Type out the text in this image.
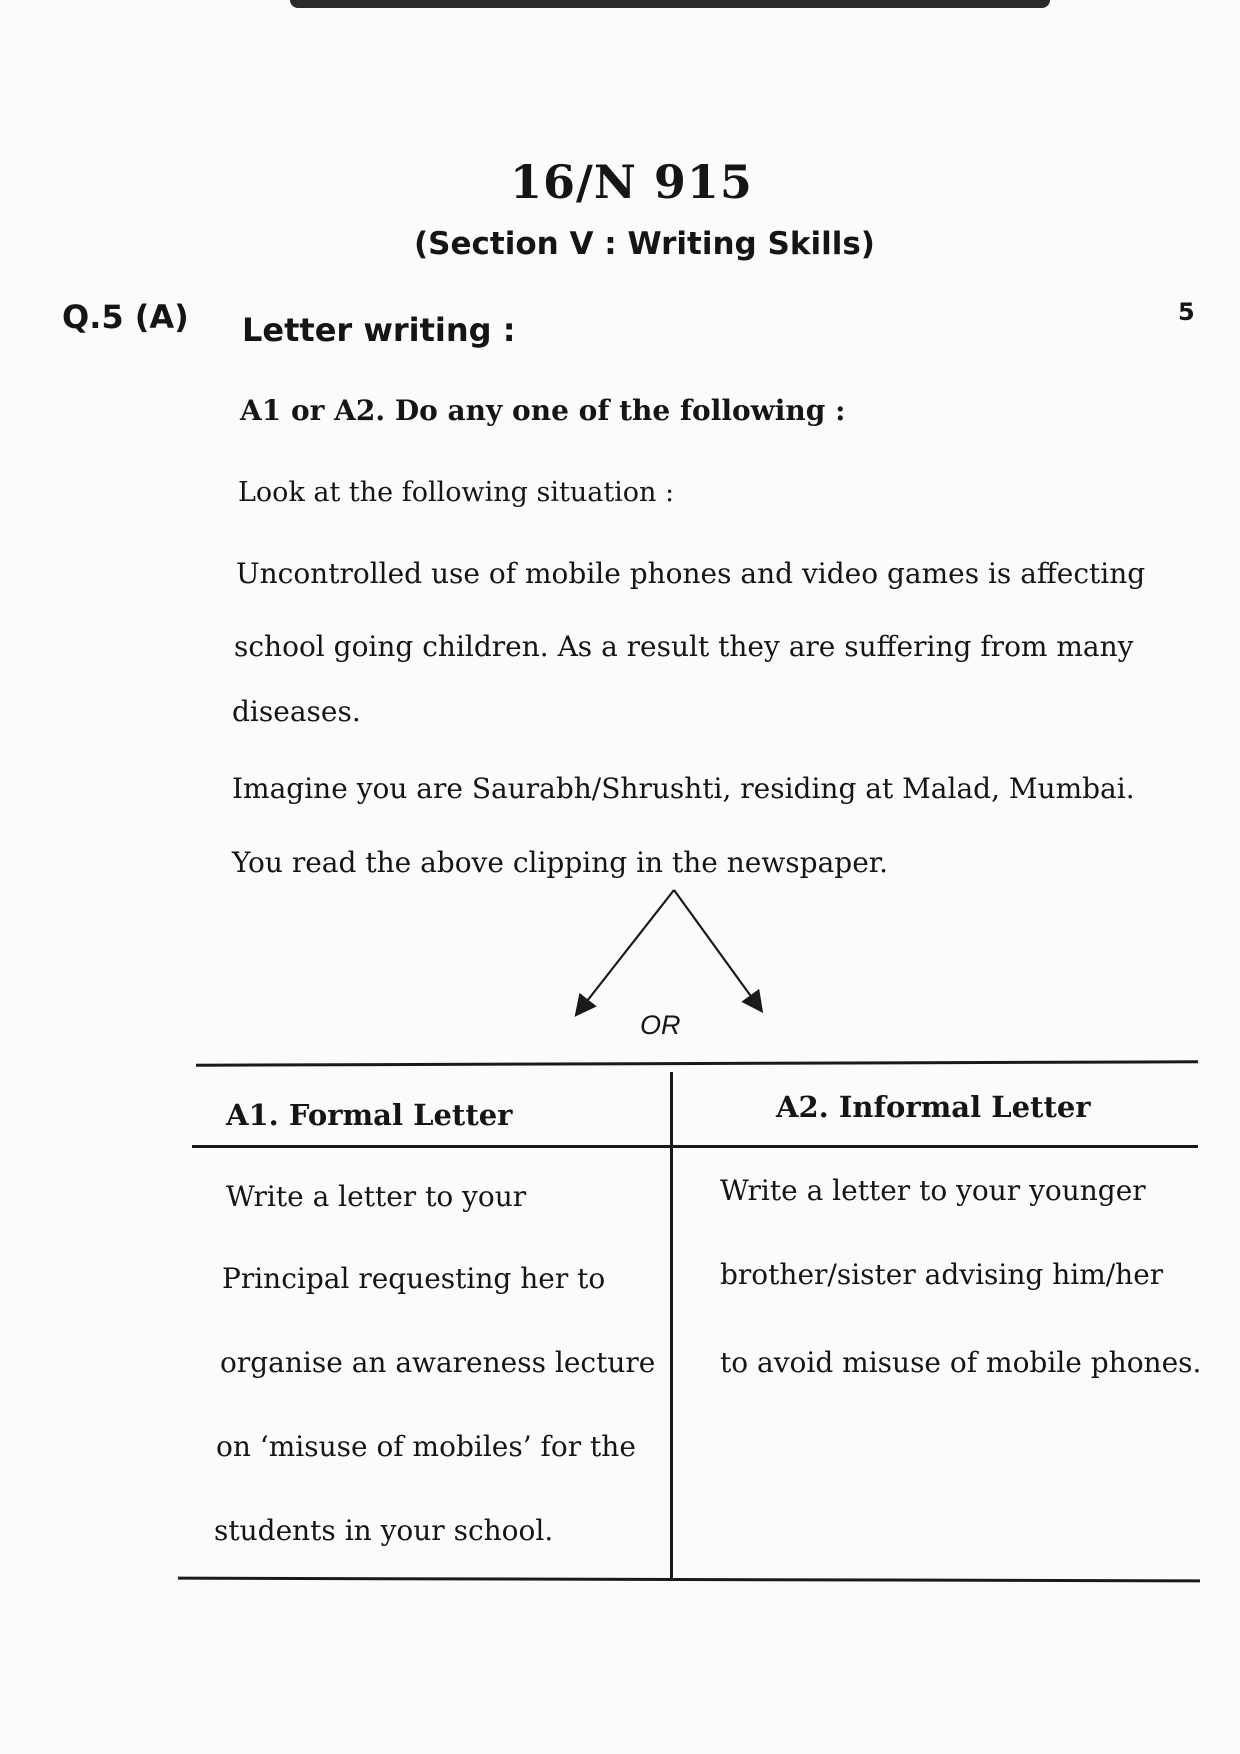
16/N 915
(Section V : Writing Skills)
Q.5 (A) Letter writing :	5
A1 or A2. Do any one of the following :
Look at the following situation :
Uncontrolled use of mobile phones and video games is affecting
school going children. As a result they are suffering from many
diseases.
Imagine you are Saurabh/Shrushti, residing at Malad, Mumbai.
You read the above clipping in the newspaper.
OR
A1. Formal Letter	A2. Informal Letter
Write a letter to your
Principal requesting her to
organise an awareness lecture
on ‘misuse of mobiles’ for the
students in your school.
Write a letter to your younger
brother/sister advising him/her
to avoid misuse of mobile phones.
